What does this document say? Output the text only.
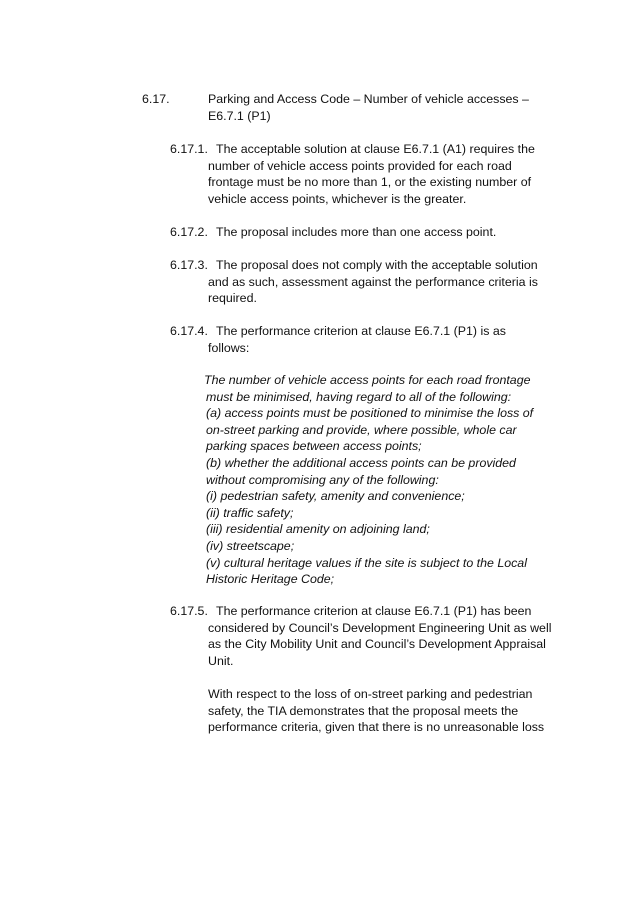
6.17.	Parking and Access Code – Number of vehicle accesses –
E6.7.1 (P1)
6.17.1. The acceptable solution at clause E6.7.1 (A1) requires the
number of vehicle access points provided for each road
frontage must be no more than 1, or the existing number of
vehicle access points, whichever is the greater.
6.17.2. The proposal includes more than one access point.
6.17.3. The proposal does not comply with the acceptable solution
and as such, assessment against the performance criteria is
required.
6.17.4. The performance criterion at clause E6.7.1 (P1) is as
follows:
The number of vehicle access points for each road frontage
must be minimised, having regard to all of the following:
(a) access points must be positioned to minimise the loss of
on-street parking and provide, where possible, whole car
parking spaces between access points;
(b) whether the additional access points can be provided
without compromising any of the following:
(i) pedestrian safety, amenity and convenience;
(ii) traffic safety;
(iii) residential amenity on adjoining land;
(iv) streetscape;
(v) cultural heritage values if the site is subject to the Local
Historic Heritage Code;
6.17.5. The performance criterion at clause E6.7.1 (P1) has been
considered by Council’s Development Engineering Unit as well
as the City Mobility Unit and Council’s Development Appraisal
Unit.
With respect to the loss of on-street parking and pedestrian
safety, the TIA demonstrates that the proposal meets the
performance criteria, given that there is no unreasonable loss
